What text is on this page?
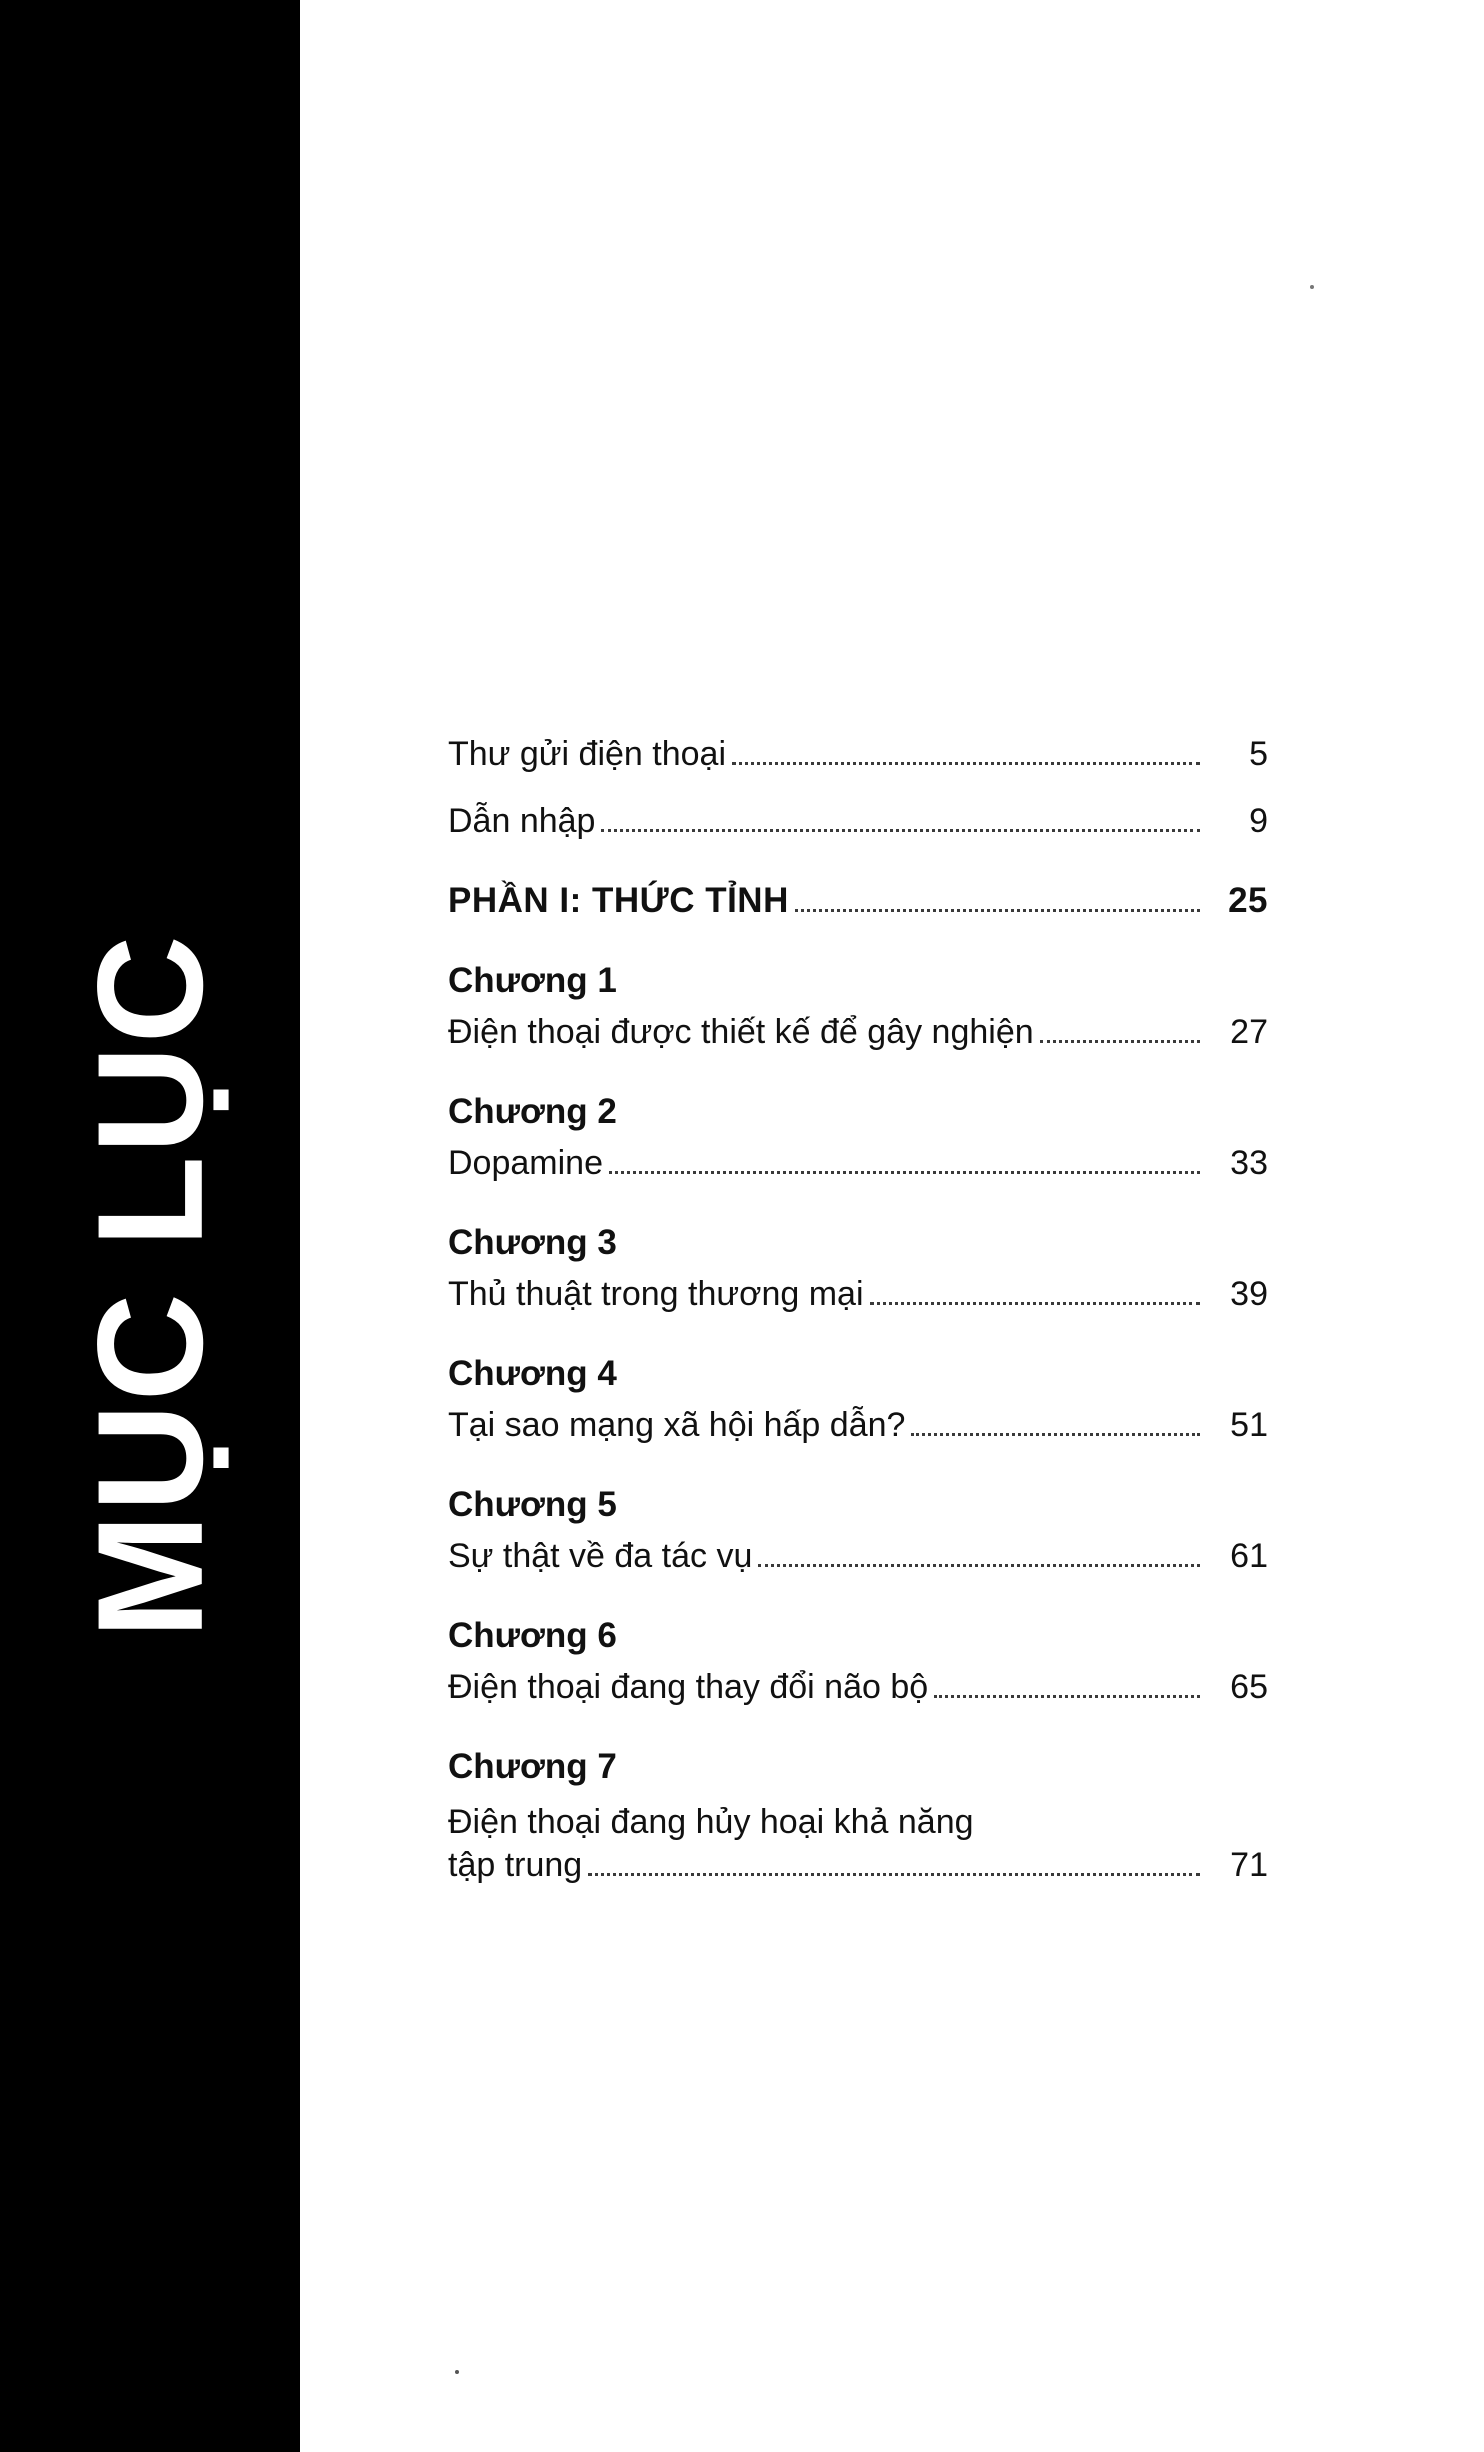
MỤC LỤC
Thư gửi điện thoại	5
Dẫn nhập	9
PHẦN I: THỨC TỈNH	25
Chương 1
Điện thoại được thiết kế để gây nghiện	27
Chương 2
Dopamine	33
Chương 3
Thủ thuật trong thương mại	39
Chương 4
Tại sao mạng xã hội hấp dẫn?	51
Chương 5
Sự thật về đa tác vụ	61
Chương 6
Điện thoại đang thay đổi não bộ	65
Chương 7
Điện thoại đang hủy hoại khả năng
tập trung	71
